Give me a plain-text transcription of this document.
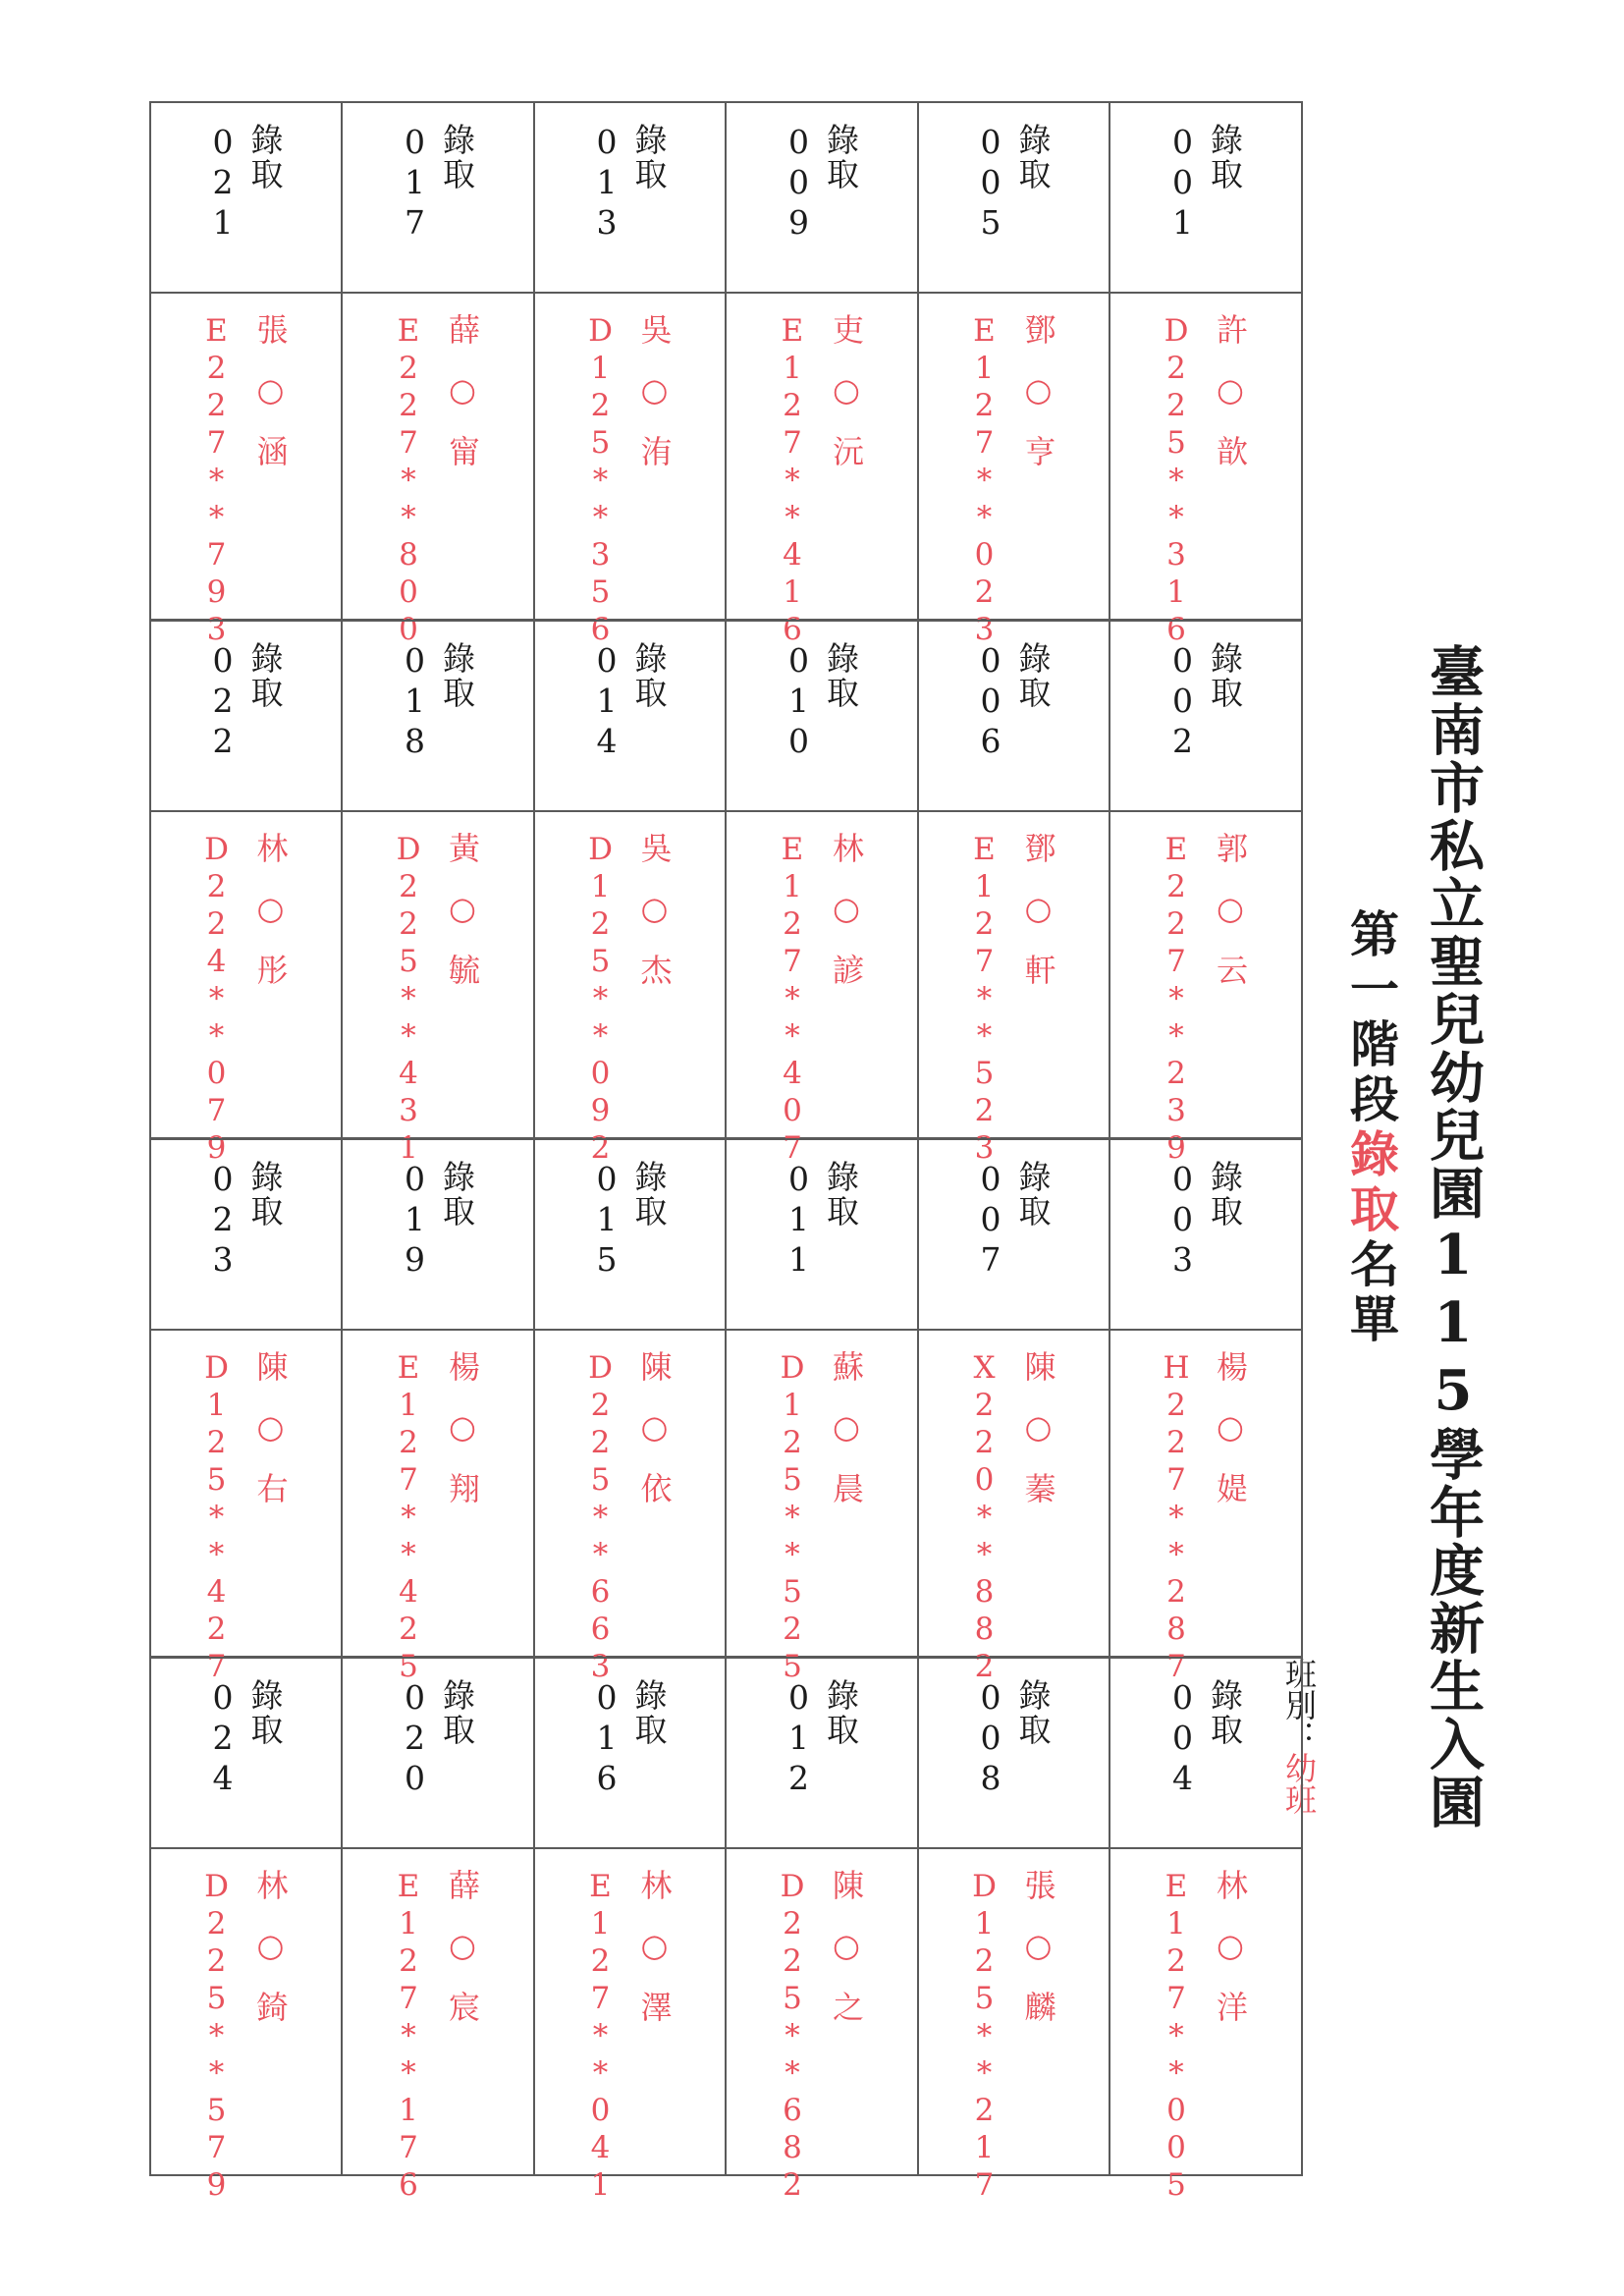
臺南市私立聖兒幼兒園115學年度新生入園
第一階段錄取名單
班別：幼班
錄取001
許○歆
D225**316
錄取002
郭○云
E227**239
錄取003
楊○媞
H227**287
錄取004
林○洋
E127**005
錄取005
鄧○亨
E127**023
錄取006
鄧○軒
E127**523
錄取007
陳○蓁
X220**882
錄取008
張○麟
D125**217
錄取009
吏○沅
E127**416
錄取010
林○諺
E127**407
錄取011
蘇○晨
D125**525
錄取012
陳○之
D225**682
錄取013
吳○洧
D125**356
錄取014
吳○杰
D125**092
錄取015
陳○依
D225**663
錄取016
林○澤
E127**041
錄取017
薛○甯
E227**800
錄取018
黃○毓
D225**431
錄取019
楊○翔
E127**425
錄取020
薛○宸
E127**176
錄取021
張○涵
E227**793
錄取022
林○彤
D224**079
錄取023
陳○右
D125**427
錄取024
林○錡
D225**579
